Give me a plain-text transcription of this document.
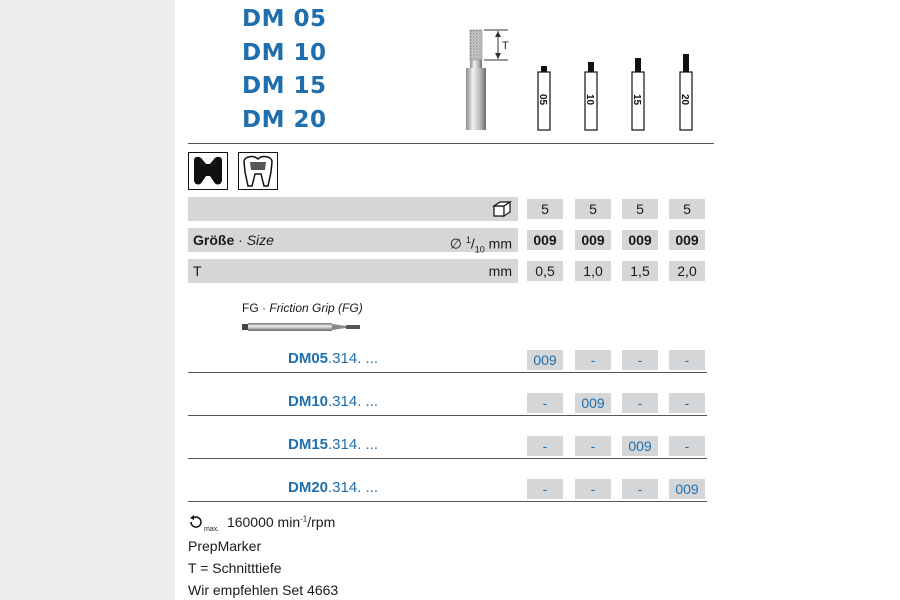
DM 05
DM 10
DM 15
DM 20
T
05	10	15	20
5	5	5	5
Größe · Size	∅ $^1/_{10}$ mm	009	009	009	009
T	mm	0,5	1,0	1,5	2,0
FG · Friction Grip (FG)
DM05.314. ...	009	-	-	-
DM10.314. ...	-	009	-	-
DM15.314. ...	-	-	009	-
DM20.314. ...	-	-	-	009
$_{max.}$ 160000 $\min^{-1}$/rpm
PrepMarker
T = Schnitttiefe
Wir empfehlen Set 4663
